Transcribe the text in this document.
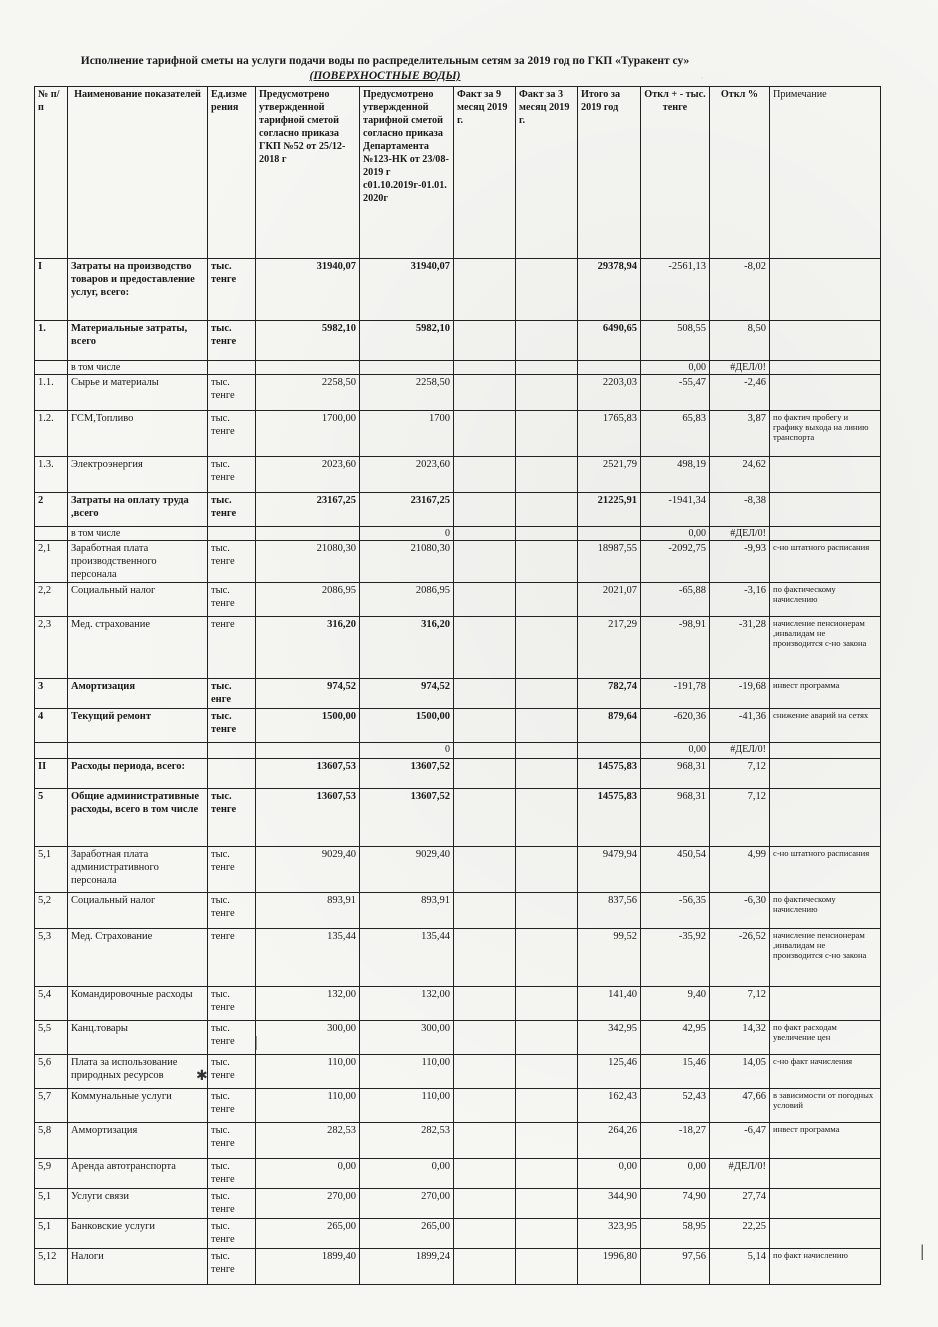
·
Исполнение тарифной сметы на услуги подачи воды по распределительным сетям за 2019 год по ГКП «Туракент су» (ПОВЕРХНОСТНЫЕ ВОДЫ)
№ п/п	Наименование показателей	Ед.измерения	Предусмотрено утвержденной тарифной сметой согласно приказа ГКП №52 от 25/12-2018 г	Предусмотрено утвержденной тарифной сметой согласно приказа Департамента №123-НК от 23/08-2019 г с01.10.2019г-01.01.2020г	Факт за 9 месяц 2019 г.	Факт за 3 месяц 2019 г.	Итого за 2019 год	Откл + - тыс. тенге	Откл %	Примечание
I	Затраты на производство товаров и предоставление услуг, всего:	тыс. тенге	31940,07	31940,07			29378,94	-2561,13	-8,02	
1.	Материальные затраты, всего	тыс. тенге	5982,10	5982,10			6490,65	508,55	8,50	
	в том числе							0,00	#ДЕЛ/0!	
1.1.	Сырье и материалы	тыс. тенге	2258,50	2258,50			2203,03	-55,47	-2,46	
1.2.	ГСМ,Топливо	тыс. тенге	1700,00	1700			1765,83	65,83	3,87	по фактич пробегу и графику выхода на линию транспорта
1.3.	Электроэнергия	тыс. тенге	2023,60	2023,60			2521,79	498,19	24,62	
2	Затраты на оплату труда ,всего	тыс. тенге	23167,25	23167,25			21225,91	-1941,34	-8,38	
	в том числе			0				0,00	#ДЕЛ/0!	
2,1	Заработная плата производственного персонала	тыс. тенге	21080,30	21080,30			18987,55	-2092,75	-9,93	с-но штатного расписания
2,2	Социальный налог	тыс. тенге	2086,95	2086,95			2021,07	-65,88	-3,16	по фактическому начислению
2,3	Мед. страхование	тенге	316,20	316,20			217,29	-98,91	-31,28	начисление пенсионерам ,инвалидам не производится с-но закона
3	Амортизация	тыс. енге	974,52	974,52			782,74	-191,78	-19,68	инвест программа
4	Текущий ремонт	тыс. тенге	1500,00	1500,00			879,64	-620,36	-41,36	снижение аварий на сетях
				0				0,00	#ДЕЛ/0!	
II	Расходы периода, всего:		13607,53	13607,52			14575,83	968,31	7,12	
5	Общие административные расходы, всего в том числе	тыс. тенге	13607,53	13607,52			14575,83	968,31	7,12	
5,1	Заработная плата административного персонала	тыс. тенге	9029,40	9029,40			9479,94	450,54	4,99	с-но штатного расписания
5,2	Социальный налог	тыс. тенге	893,91	893,91			837,56	-56,35	-6,30	по фактическому начислению
5,3	Мед. Страхование	тенге	135,44	135,44			99,52	-35,92	-26,52	начисление пенсионерам ,инвалидам не производится с-но закона
5,4	Командировочные расходы	тыс. тенге	132,00	132,00			141,40	9,40	7,12	
5,5	Канц.товары	тыс. тенге	300,00	300,00			342,95	42,95	14,32	по факт расходам увеличение цен
5,6	Плата за использование природных ресурсов	тыс. тенге	110,00	110,00			125,46	15,46	14,05	с-но факт начисления
5,7	Коммунальные услуги	тыс. тенге	110,00	110,00			162,43	52,43	47,66	в зависимости от погодных условий
5,8	Аммортизация	тыс. тенге	282,53	282,53			264,26	-18,27	-6,47	инвест программа
5,9	Аренда автотранспорта	тыс. тенге	0,00	0,00			0,00	0,00	#ДЕЛ/0!	
5,1	Услуги связи	тыс. тенге	270,00	270,00			344,90	74,90	27,74	
5,1	Банковские услуги	тыс. тенге	265,00	265,00			323,95	58,95	22,25	
5,12	Налоги	тыс. тенге	1899,40	1899,24			1996,80	97,56	5,14	по факт начислению
ǀ
✱
ǀ
